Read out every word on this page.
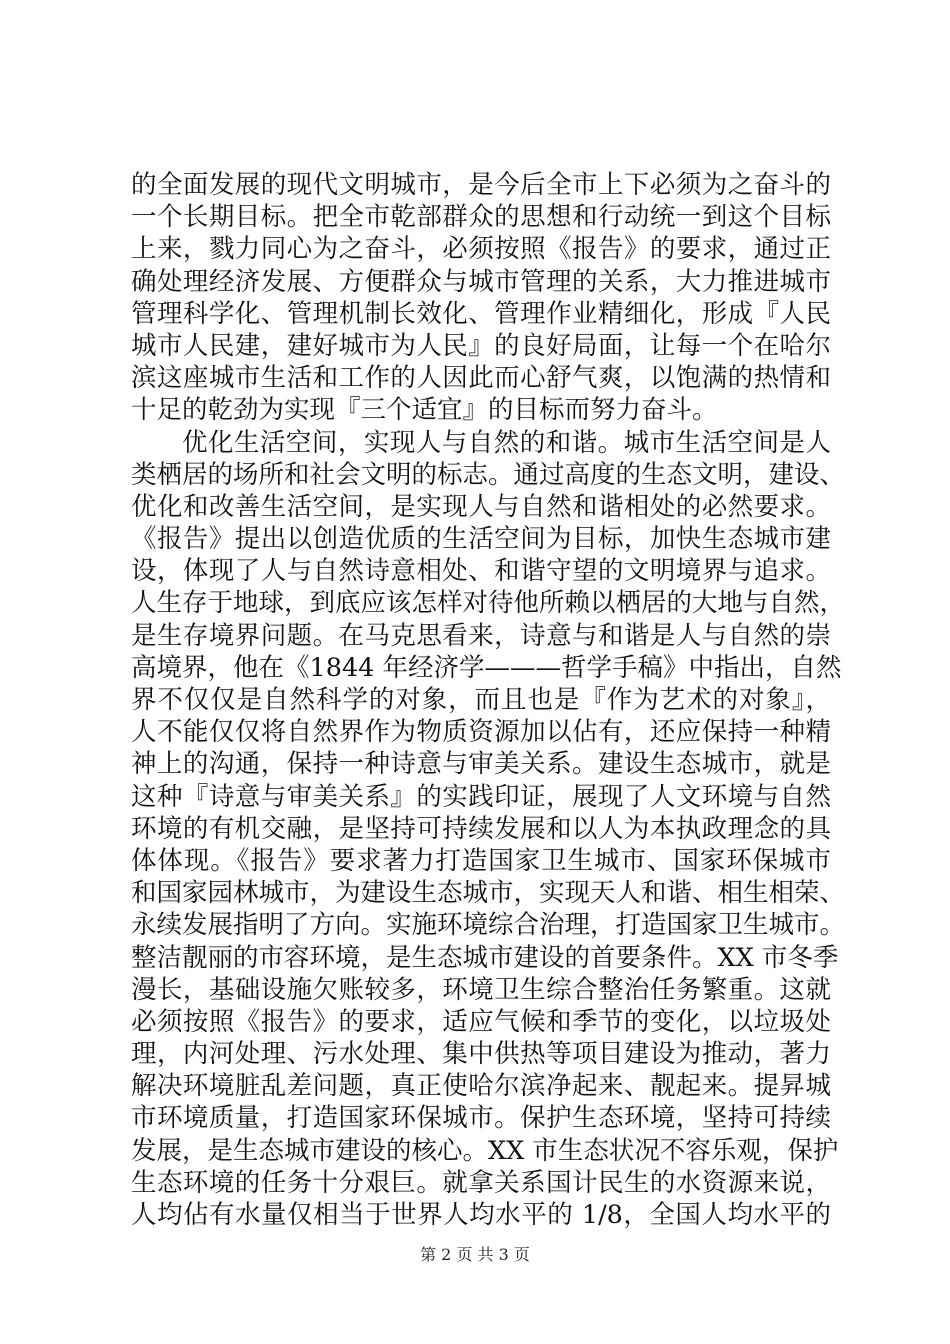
的全面发展的现代文明城市，是今后全市上下必须为之奋斗的
一个长期目标。把全市乾部群众的思想和行动统一到这个目标
上来，戮力同心为之奋斗，必须按照《报告》的要求，通过正
确处理经济发展、方便群众与城市管理的关系，大力推进城市
管理科学化、管理机制长效化、管理作业精细化，形成『人民
城市人民建，建好城市为人民』的良好局面，让每一个在哈尔
滨这座城市生活和工作的人因此而心舒气爽，以饱满的热情和
十足的乾劲为实现『三个适宜』的目标而努力奋斗。
优化生活空间，实现人与自然的和谐。城市生活空间是人
类栖居的场所和社会文明的标志。通过高度的生态文明，建设、
优化和改善生活空间，是实现人与自然和谐相处的必然要求。
《报告》提出以创造优质的生活空间为目标，加快生态城市建
设，体现了人与自然诗意相处、和谐守望的文明境界与追求。
人生存于地球，到底应该怎样对待他所赖以栖居的大地与自然，
是生存境界问题。在马克思看来，诗意与和谐是人与自然的崇
高境界，他在《1844 年经济学———哲学手稿》中指出，自然
界不仅仅是自然科学的对象，而且也是『作为艺术的对象』，
人不能仅仅将自然界作为物质资源加以佔有，还应保持一种精
神上的沟通，保持一种诗意与审美关系。建设生态城市，就是
这种『诗意与审美关系』的实践印证，展现了人文环境与自然
环境的有机交融，是坚持可持续发展和以人为本执政理念的具
体体现。《报告》要求著力打造国家卫生城市、国家环保城市
和国家园林城市，为建设生态城市，实现天人和谐、相生相荣、
永续发展指明了方向。实施环境综合治理，打造国家卫生城市。
整洁靓丽的市容环境，是生态城市建设的首要条件。XX 市冬季
漫长，基础设施欠账较多，环境卫生综合整治任务繁重。这就
必须按照《报告》的要求，适应气候和季节的变化，以垃圾处
理，内河处理、污水处理、集中供热等项目建设为推动，著力
解决环境脏乱差问题，真正使哈尔滨净起来、靓起来。提昇城
市环境质量，打造国家环保城市。保护生态环境，坚持可持续
发展，是生态城市建设的核心。XX 市生态状况不容乐观，保护
生态环境的任务十分艰巨。就拿关系国计民生的水资源来说，
人均佔有水量仅相当于世界人均水平的 1/8，全国人均水平的
第 2 页 共 3 页
